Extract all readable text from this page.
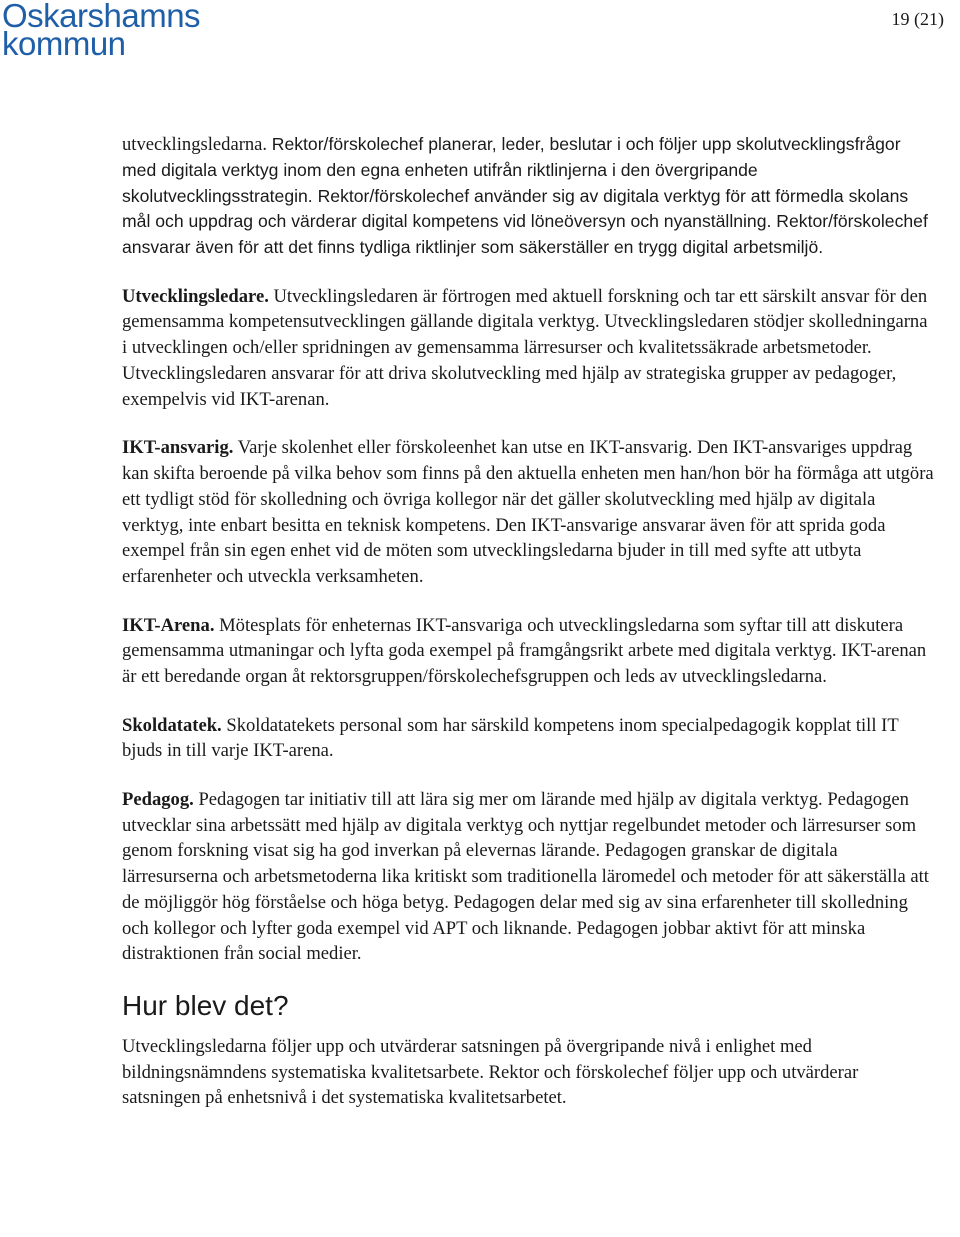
Oskarshamns
kommun
19 (21)

utvecklingsledarna. Rektor/förskolechef planerar, leder, beslutar i och följer upp skolutvecklingsfrågor med digitala verktyg inom den egna enheten utifrån riktlinjerna i den övergripande skolutvecklingsstrategin. Rektor/förskolechef använder sig av digitala verktyg för att förmedla skolans mål och uppdrag och värderar digital kompetens vid löneöversyn och nyanställning. Rektor/förskolechef ansvarar även för att det finns tydliga riktlinjer som säkerställer en trygg digital arbetsmiljö.

Utvecklingsledare. Utvecklingsledaren är förtrogen med aktuell forskning och tar ett särskilt ansvar för den gemensamma kompetensutvecklingen gällande digitala verktyg. Utvecklingsledaren stödjer skolledningarna i utvecklingen och/eller spridningen av gemensamma lärresurser och kvalitetssäkrade arbetsmetoder. Utvecklingsledaren ansvarar för att driva skolutveckling med hjälp av strategiska grupper av pedagoger, exempelvis vid IKT-arenan.

IKT-ansvarig. Varje skolenhet eller förskoleenhet kan utse en IKT-ansvarig. Den IKT-ansvariges uppdrag kan skifta beroende på vilka behov som finns på den aktuella enheten men han/hon bör ha förmåga att utgöra ett tydligt stöd för skolledning och övriga kollegor när det gäller skolutveckling med hjälp av digitala verktyg, inte enbart besitta en teknisk kompetens. Den IKT-ansvarige ansvarar även för att sprida goda exempel från sin egen enhet vid de möten som utvecklingsledarna bjuder in till med syfte att utbyta erfarenheter och utveckla verksamheten.

IKT-Arena. Mötesplats för enheternas IKT-ansvariga och utvecklingsledarna som syftar till att diskutera gemensamma utmaningar och lyfta goda exempel på framgångsrikt arbete med digitala verktyg. IKT-arenan är ett beredande organ åt rektorsgruppen/förskolechefsgruppen och leds av utvecklingsledarna.

Skoldatatek. Skoldatatekets personal som har särskild kompetens inom specialpedagogik kopplat till IT bjuds in till varje IKT-arena.

Pedagog. Pedagogen tar initiativ till att lära sig mer om lärande med hjälp av digitala verktyg. Pedagogen utvecklar sina arbetssätt med hjälp av digitala verktyg och nyttjar regelbundet metoder och lärresurser som genom forskning visat sig ha god inverkan på elevernas lärande. Pedagogen granskar de digitala lärresurserna och arbetsmetoderna lika kritiskt som traditionella läromedel och metoder för att säkerställa att de möjliggör hög förståelse och höga betyg. Pedagogen delar med sig av sina erfarenheter till skolledning och kollegor och lyfter goda exempel vid APT och liknande. Pedagogen jobbar aktivt för att minska distraktionen från social medier.

Hur blev det?

Utvecklingsledarna följer upp och utvärderar satsningen på övergripande nivå i enlighet med bildningsnämndens systematiska kvalitetsarbete. Rektor och förskolechef följer upp och utvärderar satsningen på enhetsnivå i det systematiska kvalitetsarbetet.
